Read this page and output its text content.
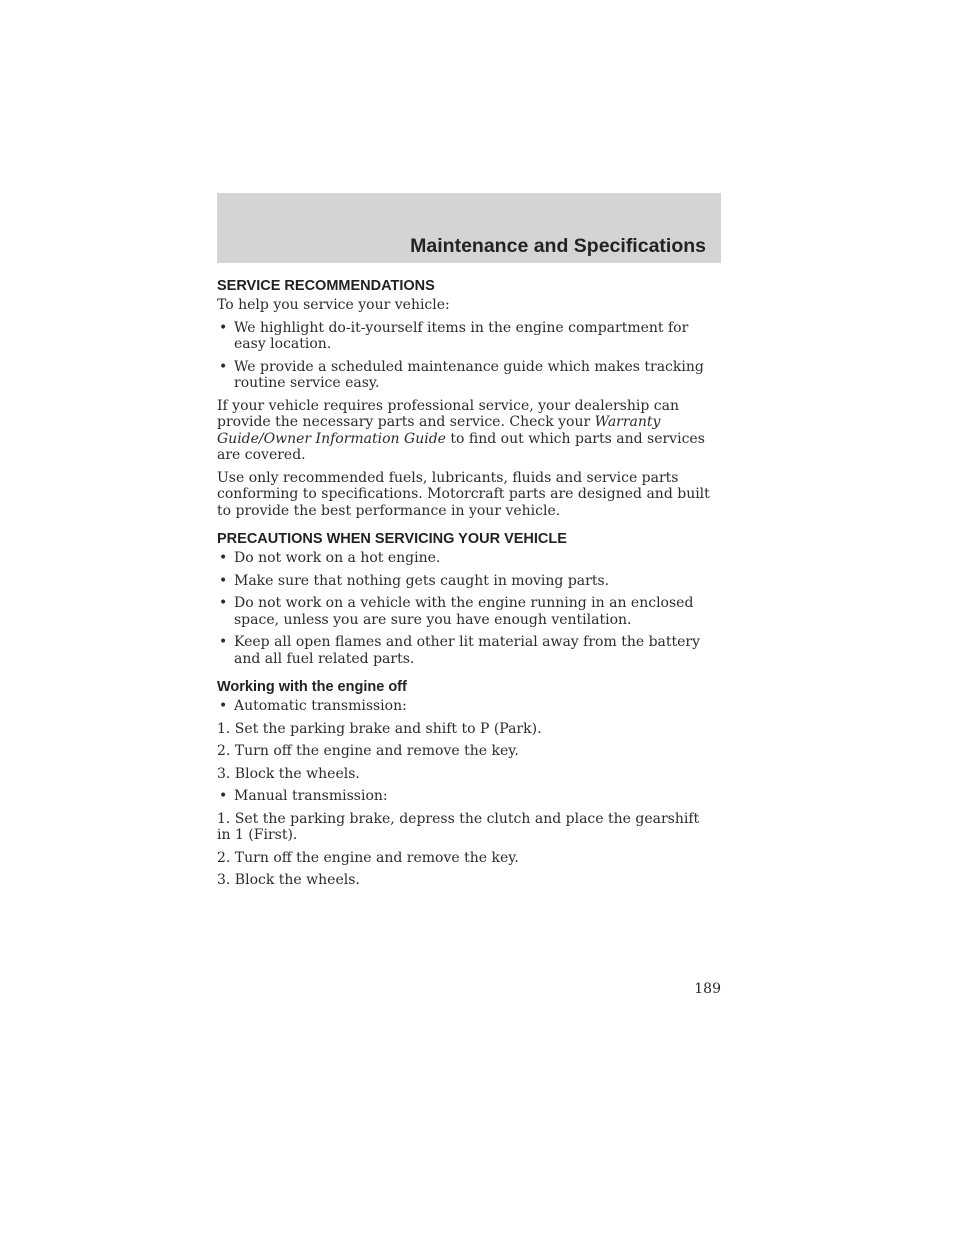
Maintenance and Specifications
SERVICE RECOMMENDATIONS

To help you service your vehicle:

• We highlight do-it-yourself items in the engine compartment for easy location.
• We provide a scheduled maintenance guide which makes tracking routine service easy.

If your vehicle requires professional service, your dealership can provide the necessary parts and service. Check your Warranty Guide/Owner Information Guide to find out which parts and services are covered.

Use only recommended fuels, lubricants, fluids and service parts conforming to specifications. Motorcraft parts are designed and built to provide the best performance in your vehicle.

PRECAUTIONS WHEN SERVICING YOUR VEHICLE
• Do not work on a hot engine.
• Make sure that nothing gets caught in moving parts.
• Do not work on a vehicle with the engine running in an enclosed space, unless you are sure you have enough ventilation.
• Keep all open flames and other lit material away from the battery and all fuel related parts.
Working with the engine off
• Automatic transmission:

1. Set the parking brake and shift to P (Park).

2. Turn off the engine and remove the key.

3. Block the wheels.

• Manual transmission:

1. Set the parking brake, depress the clutch and place the gearshift in 1 (First).

2. Turn off the engine and remove the key.

3. Block the wheels.

189
